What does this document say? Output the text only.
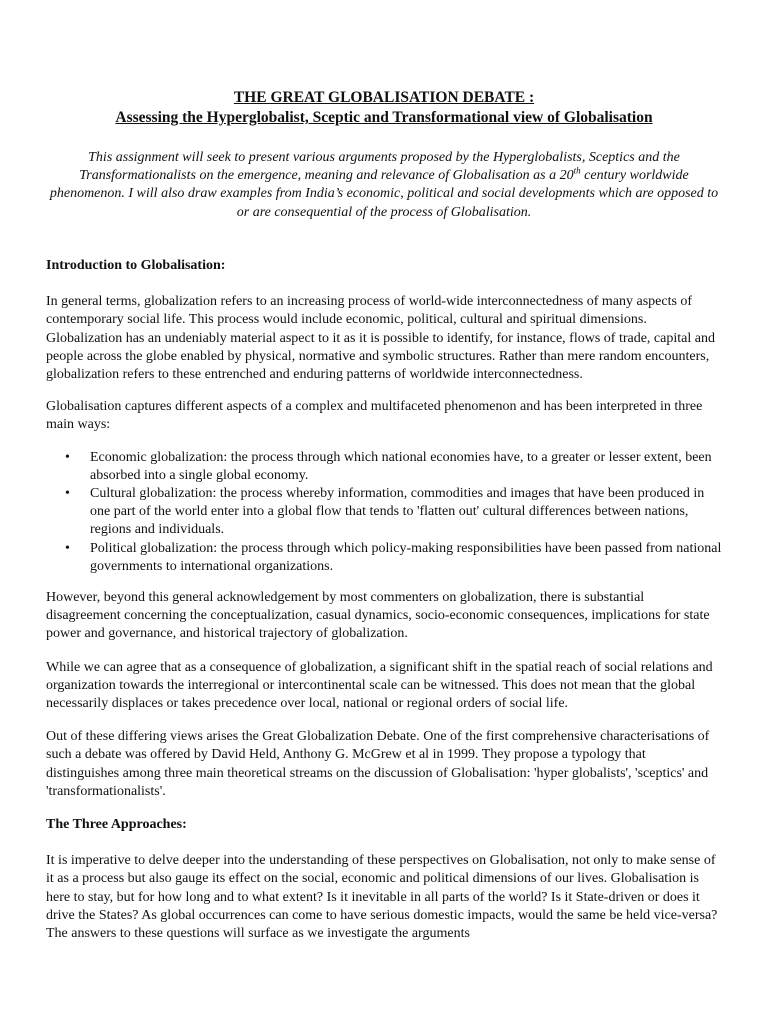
THE GREAT GLOBALISATION DEBATE :
Assessing the Hyperglobalist, Sceptic and Transformational view of Globalisation
This assignment will seek to present various arguments proposed by the Hyperglobalists, Sceptics and the Transformationalists on the emergence, meaning and relevance of Globalisation as a 20th century worldwide phenomenon. I will also draw examples from India’s economic, political and social developments which are opposed to or are consequential of the process of Globalisation.
Introduction to Globalisation:

In general terms, globalization refers to an increasing process of world-wide interconnectedness of many aspects of contemporary social life. This process would include economic, political, cultural and spiritual dimensions. Globalization has an undeniably material aspect to it as it is possible to identify, for instance, flows of trade, capital and people across the globe enabled by physical, normative and symbolic structures. Rather than mere random encounters, globalization refers to these entrenched and enduring patterns of worldwide interconnectedness.

Globalisation captures different aspects of a complex and multifaceted phenomenon and has been interpreted in three main ways:

• Economic globalization: the process through which national economies have, to a greater or lesser extent, been absorbed into a single global economy.
• Cultural globalization: the process whereby information, commodities and images that have been produced in one part of the world enter into a global flow that tends to 'flatten out' cultural differences between nations, regions and individuals.
• Political globalization: the process through which policy-making responsibilities have been passed from national governments to international organizations.

However, beyond this general acknowledgement by most commenters on globalization, there is substantial disagreement concerning the conceptualization, casual dynamics, socio-economic consequences, implications for state power and governance, and historical trajectory of globalization.

While we can agree that as a consequence of globalization, a significant shift in the spatial reach of social relations and organization towards the interregional or intercontinental scale can be witnessed. This does not mean that the global necessarily displaces or takes precedence over local, national or regional orders of social life.

Out of these differing views arises the Great Globalization Debate. One of the first comprehensive characterisations of such a debate was offered by David Held, Anthony G. McGrew et al in 1999. They propose a typology that distinguishes among three main theoretical streams on the discussion of Globalisation: 'hyper globalists', 'sceptics' and 'transformationalists'.

The Three Approaches:

It is imperative to delve deeper into the understanding of these perspectives on Globalisation, not only to make sense of it as a process but also gauge its effect on the social, economic and political dimensions of our lives. Globalisation is here to stay, but for how long and to what extent? Is it inevitable in all parts of the world? Is it State-driven or does it drive the States? As global occurrences can come to have serious domestic impacts, would the same be held vice-versa? The answers to these questions will surface as we investigate the arguments
